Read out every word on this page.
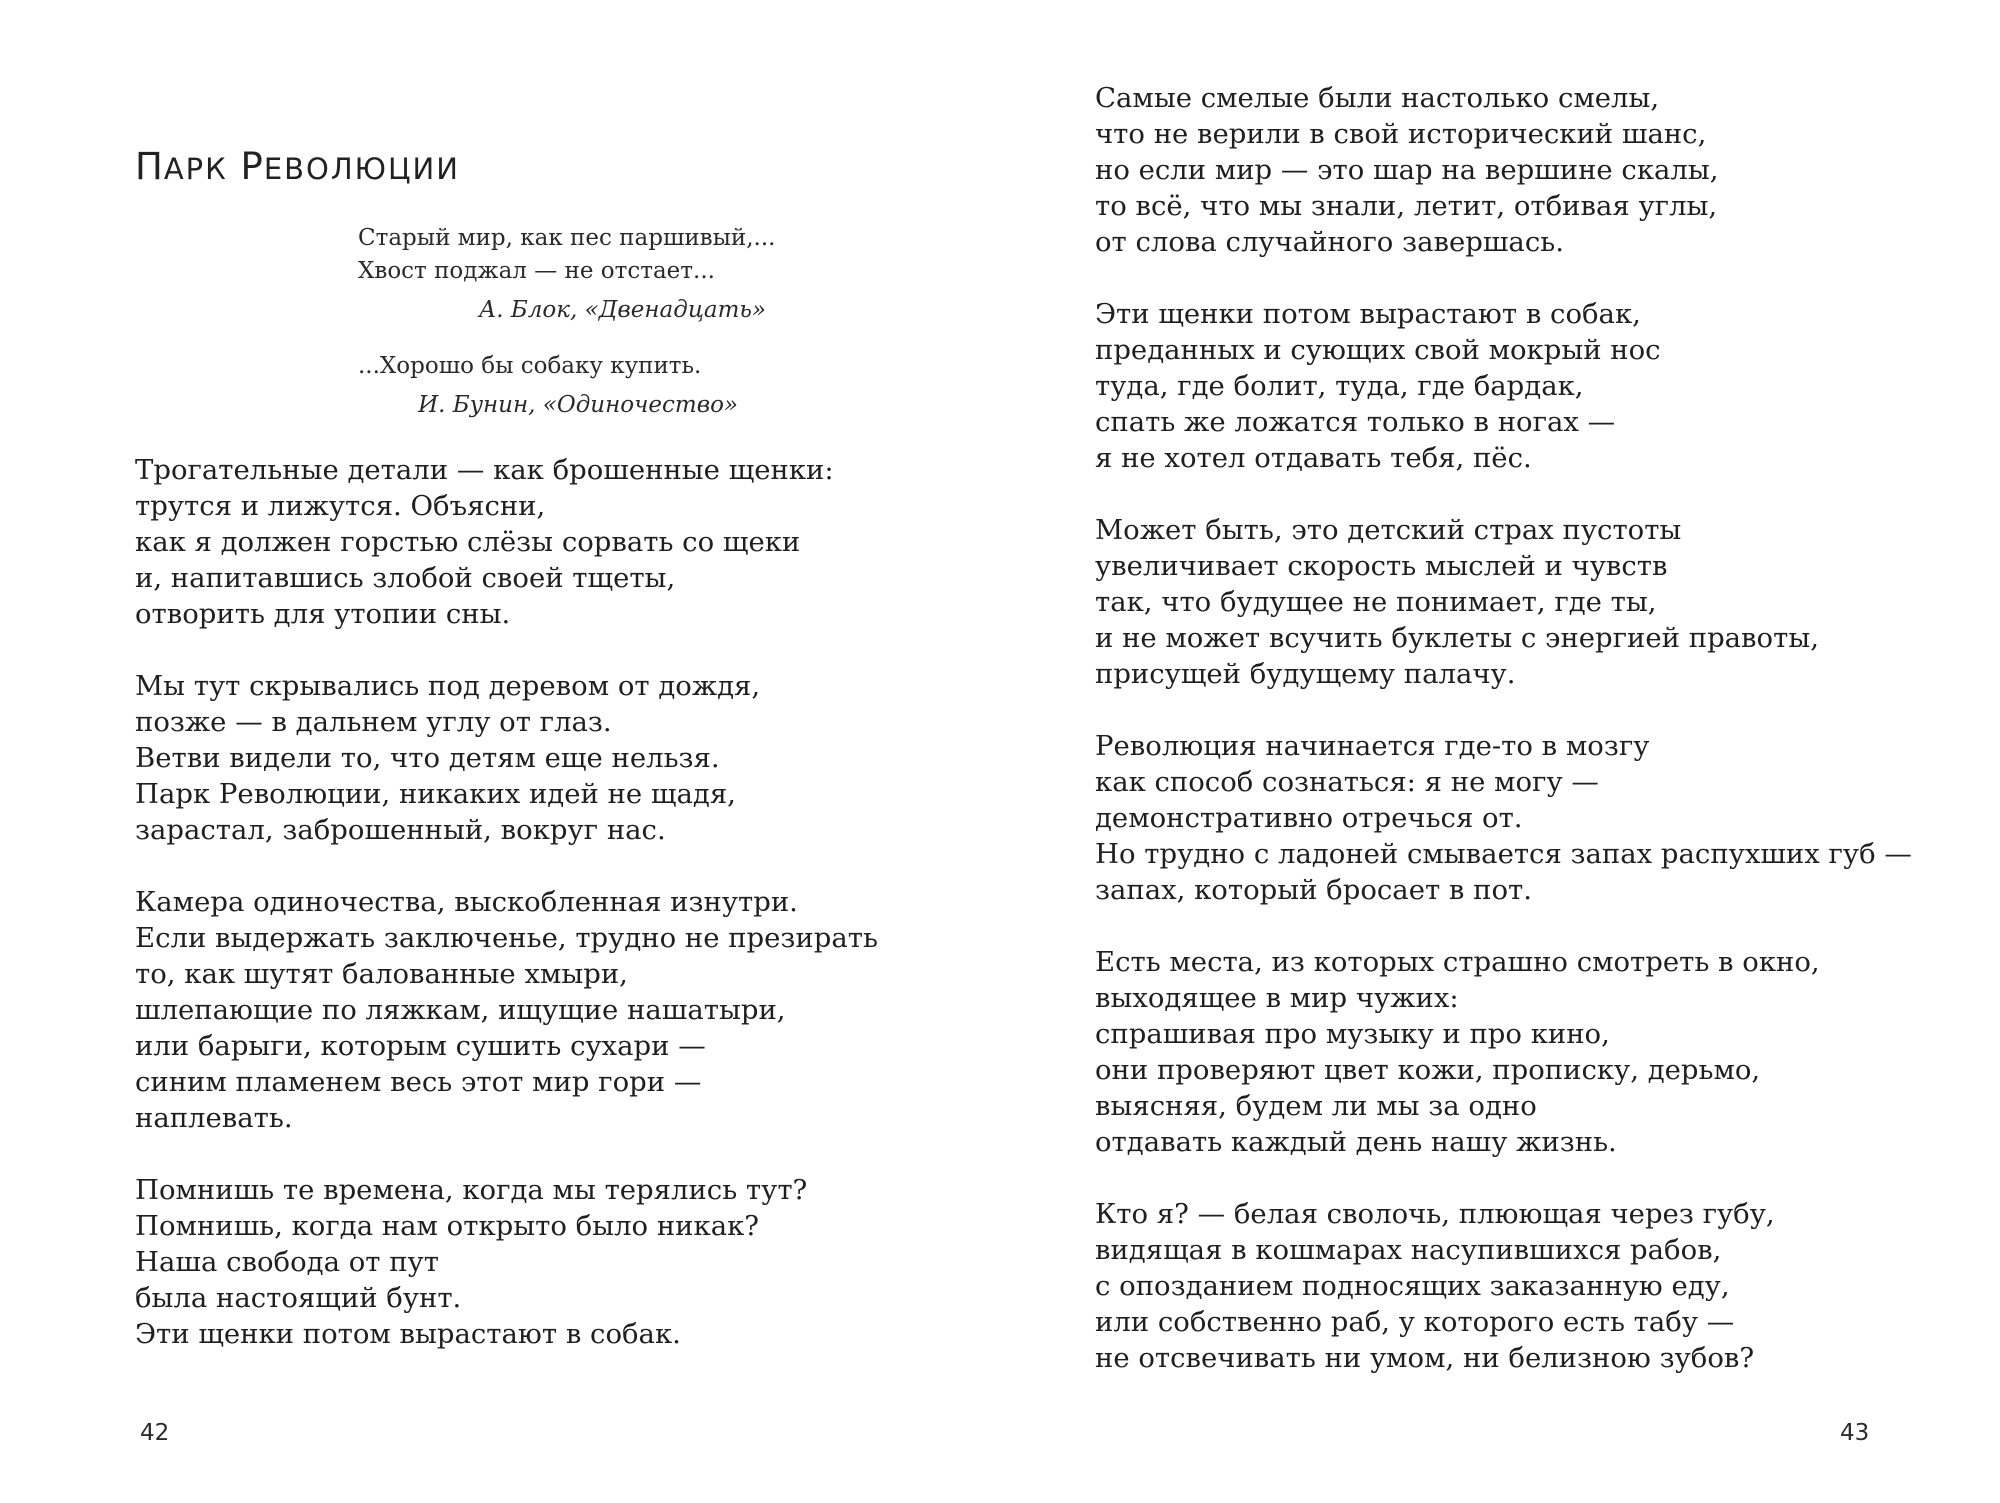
ПАРК РЕВОЛЮЦИИ
Старый мир, как пес паршивый,...
Хвост поджал — не отстает...
А. Блок, «Двенадцать»
...Хорошо бы собаку купить.
И. Бунин, «Одиночество»
Трогательные детали — как брошенные щенки:
трутся и лижутся. Объясни,
как я должен горстью слёзы сорвать со щеки
и, напитавшись злобой своей тщеты,
отворить для утопии сны.
Мы тут скрывались под деревом от дождя,
позже — в дальнем углу от глаз.
Ветви видели то, что детям еще нельзя.
Парк Революции, никаких идей не щадя,
зарастал, заброшенный, вокруг нас.
Камера одиночества, выскобленная изнутри.
Если выдержать заключенье, трудно не презирать
то, как шутят балованные хмыри,
шлепающие по ляжкам, ищущие нашатыри,
или барыги, которым сушить сухари —
синим пламенем весь этот мир гори —
наплевать.
Помнишь те времена, когда мы терялись тут?
Помнишь, когда нам открыто было никак?
Наша свобода от пут
была настоящий бунт.
Эти щенки потом вырастают в собак.
42
Самые смелые были настолько смелы,
что не верили в свой исторический шанс,
но если мир — это шар на вершине скалы,
то всё, что мы знали, летит, отбивая углы,
от слова случайного завершась.
Эти щенки потом вырастают в собак,
преданных и сующих свой мокрый нос
туда, где болит, туда, где бардак,
спать же ложатся только в ногах —
я не хотел отдавать тебя, пёс.
Может быть, это детский страх пустоты
увеличивает скорость мыслей и чувств
так, что будущее не понимает, где ты,
и не может всучить буклеты с энергией правоты,
присущей будущему палачу.
Революция начинается где-то в мозгу
как способ сознаться: я не могу —
демонстративно отречься от.
Но трудно с ладоней смывается запах распухших губ —
запах, который бросает в пот.
Есть места, из которых страшно смотреть в окно,
выходящее в мир чужих:
спрашивая про музыку и про кино,
они проверяют цвет кожи, прописку, дерьмо,
выясняя, будем ли мы за одно
отдавать каждый день нашу жизнь.
Кто я? — белая сволочь, плюющая через губу,
видящая в кошмарах насупившихся рабов,
с опозданием подносящих заказанную еду,
или собственно раб, у которого есть табу —
не отсвечивать ни умом, ни белизною зубов?
43
